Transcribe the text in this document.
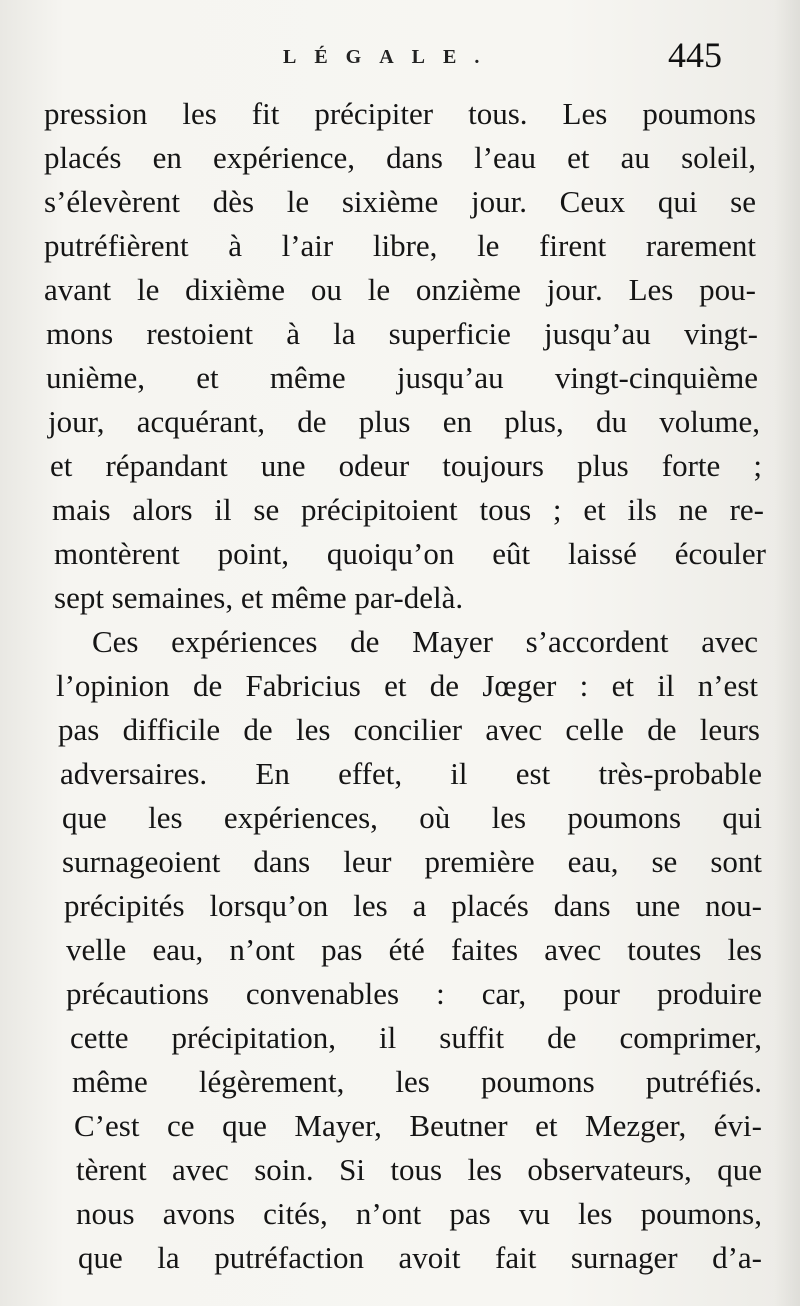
LÉGALE.	445
pression les fit précipiter tous. Les poumons
placés en expérience, dans l’eau et au soleil,
s’élevèrent dès le sixième jour. Ceux qui se
putréfièrent à l’air libre, le firent rarement
avant le dixième ou le onzième jour. Les pou-
mons restoient à la superficie jusqu’au vingt-
unième, et même jusqu’au vingt-cinquième
jour, acquérant, de plus en plus, du volume,
et répandant une odeur toujours plus forte ;
mais alors il se précipitoient tous ; et ils ne re-
montèrent point, quoiqu’on eût laissé écouler
sept semaines, et même par-delà.
Ces expériences de Mayer s’accordent avec
l’opinion de Fabricius et de Jœger : et il n’est
pas difficile de les concilier avec celle de leurs
adversaires. En effet, il est très-probable
que les expériences, où les poumons qui
surnageoient dans leur première eau, se sont
précipités lorsqu’on les a placés dans une nou-
velle eau, n’ont pas été faites avec toutes les
précautions convenables : car, pour produire
cette précipitation, il suffit de comprimer,
même légèrement, les poumons putréfiés.
C’est ce que Mayer, Beutner et Mezger, évi-
tèrent avec soin. Si tous les observateurs, que
nous avons cités, n’ont pas vu les poumons,
que la putréfaction avoit fait surnager d’a-
